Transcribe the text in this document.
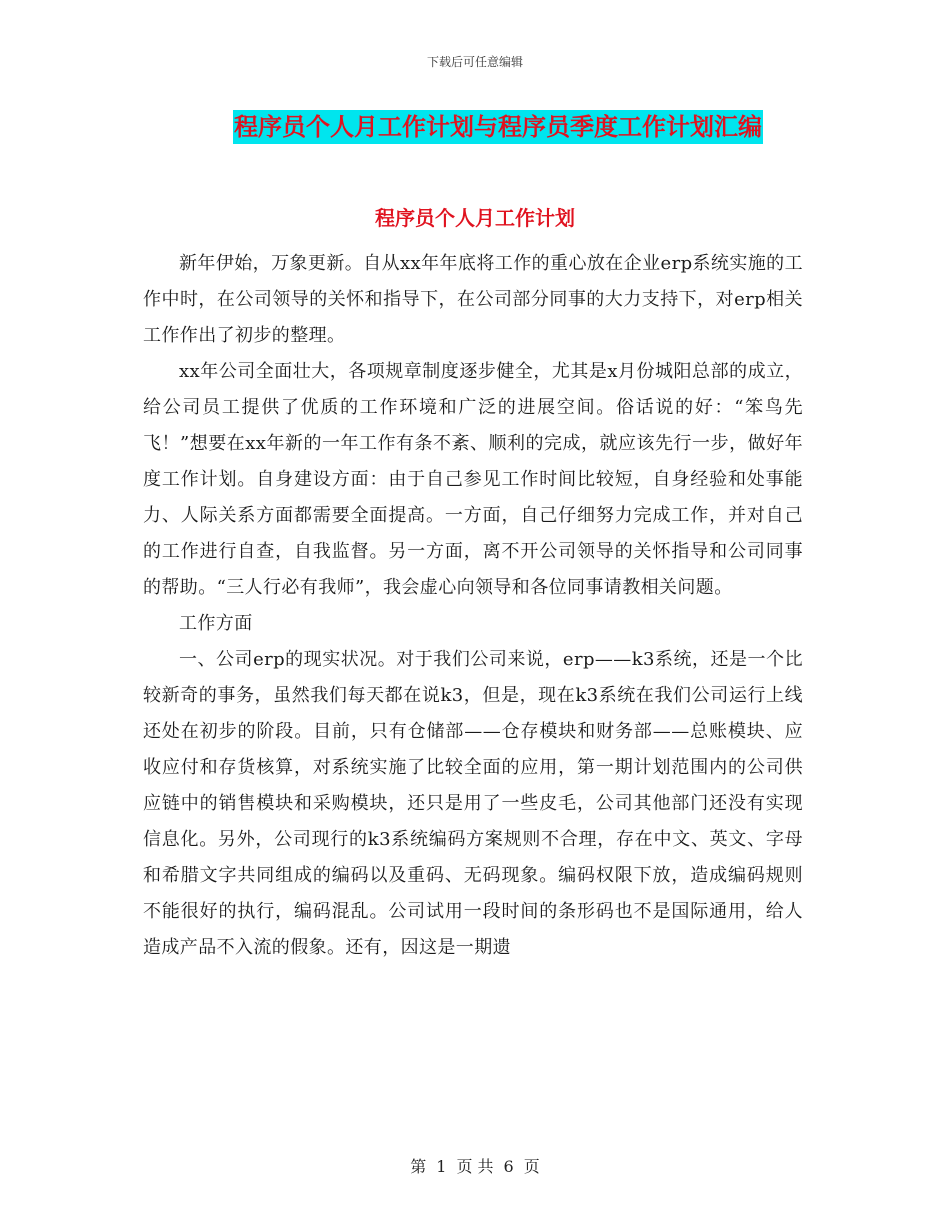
下载后可任意编辑
程序员个人月工作计划与程序员季度工作计划汇编
程序员个人月工作计划

新年伊始，万象更新。自从xx年年底将工作的重心放在企业erp系统实施的工作中时，在公司领导的关怀和指导下，在公司部分同事的大力支持下，对erp相关工作作出了初步的整理。

xx年公司全面壮大，各项规章制度逐步健全，尤其是x月份城阳总部的成立，给公司员工提供了优质的工作环境和广泛的进展空间。俗话说的好：“笨鸟先飞！”想要在xx年新的一年工作有条不紊、顺利的完成，就应该先行一步，做好年度工作计划。自身建设方面：由于自己参见工作时间比较短，自身经验和处事能力、人际关系方面都需要全面提高。一方面，自己仔细努力完成工作，并对自己的工作进行自查，自我监督。另一方面，离不开公司领导的关怀指导和公司同事的帮助。“三人行必有我师”，我会虚心向领导和各位同事请教相关问题。

工作方面

一、公司erp的现实状况。对于我们公司来说，erp——k3系统，还是一个比较新奇的事务，虽然我们每天都在说k3，但是，现在k3系统在我们公司运行上线还处在初步的阶段。目前，只有仓储部——仓存模块和财务部——总账模块、应收应付和存货核算，对系统实施了比较全面的应用，第一期计划范围内的公司供应链中的销售模块和采购模块，还只是用了一些皮毛，公司其他部门还没有实现信息化。另外，公司现行的k3系统编码方案规则不合理，存在中文、英文、字母和希腊文字共同组成的编码以及重码、无码现象。编码权限下放，造成编码规则不能很好的执行，编码混乱。公司试用一段时间的条形码也不是国际通用，给人造成产品不入流的假象。还有，因这是一期遗

第 1 页 共 6 页
